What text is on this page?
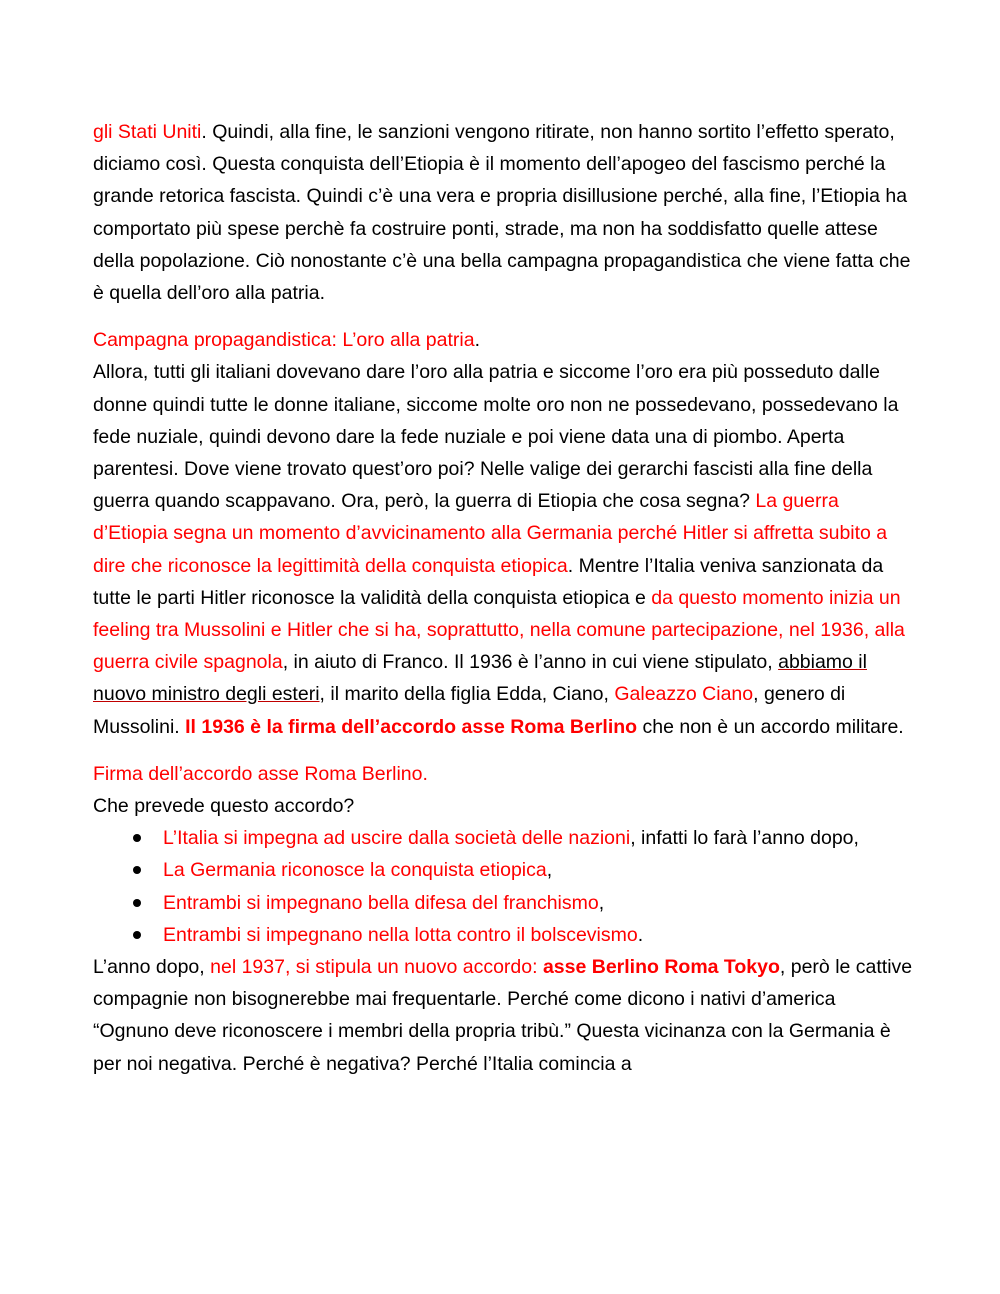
gli Stati Uniti. Quindi, alla fine, le sanzioni vengono ritirate, non hanno sortito l’effetto sperato, diciamo così. Questa conquista dell’Etiopia è il momento dell’apogeo del fascismo perché la grande retorica fascista. Quindi c’è una vera e propria disillusione perché, alla fine, l’Etiopia ha comportato più spese perchè fa costruire ponti, strade, ma non ha soddisfatto quelle attese della popolazione. Ciò nonostante c’è una bella campagna propagandistica che viene fatta che è quella dell’oro alla patria.

Campagna propagandistica: L’oro alla patria.

Allora, tutti gli italiani dovevano dare l’oro alla patria e siccome l’oro era più posseduto dalle donne quindi tutte le donne italiane, siccome molte oro non ne possedevano, possedevano la fede nuziale, quindi devono dare la fede nuziale e poi viene data una di piombo. Aperta parentesi. Dove viene trovato quest’oro poi? Nelle valige dei gerarchi fascisti alla fine della guerra quando scappavano. Ora, però, la guerra di Etiopia che cosa segna? La guerra d’Etiopia segna un momento d’avvicinamento alla Germania perché Hitler si affretta subito a dire che riconosce la legittimità della conquista etiopica. Mentre l’Italia veniva sanzionata da tutte le parti Hitler riconosce la validità della conquista etiopica e da questo momento inizia un feeling tra Mussolini e Hitler che si ha, soprattutto, nella comune partecipazione, nel 1936, alla guerra civile spagnola, in aiuto di Franco. Il 1936 è l’anno in cui viene stipulato, abbiamo il nuovo ministro degli esteri, il marito della figlia Edda, Ciano, Galeazzo Ciano, genero di Mussolini. Il 1936 è la firma dell’accordo asse Roma Berlino che non è un accordo militare.

Firma dell’accordo asse Roma Berlino.

Che prevede questo accordo?

L’Italia si impegna ad uscire dalla società delle nazioni, infatti lo farà l’anno dopo,
La Germania riconosce la conquista etiopica,
Entrambi si impegnano bella difesa del franchismo,
Entrambi si impegnano nella lotta contro il bolscevismo.

L’anno dopo, nel 1937, si stipula un nuovo accordo: asse Berlino Roma Tokyo, però le cattive compagnie non bisognerebbe mai frequentarle. Perché come dicono i nativi d’america “Ognuno deve riconoscere i membri della propria tribù.” Questa vicinanza con la Germania è per noi negativa. Perché è negativa? Perché l’Italia comincia a
